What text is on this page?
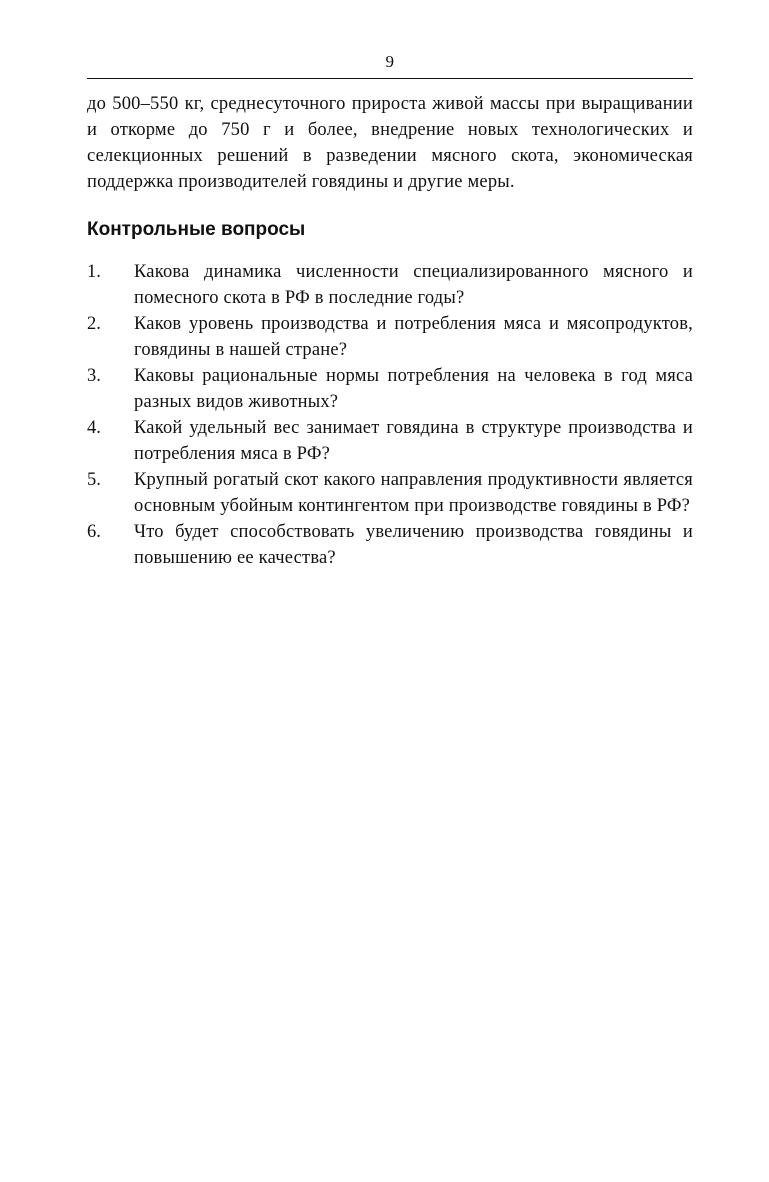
9

до 500–550 кг, среднесуточного прироста живой массы при выращивании и откорме до 750 г и более, внедрение новых технологических и селекционных решений в разведении мясного скота, экономическая поддержка производителей говядины и другие меры.

Контрольные вопросы
1.	Какова динамика численности специализированного мясного и помесного скота в РФ в последние годы?
2.	Каков уровень производства и потребления мяса и мясопродуктов, говядины в нашей стране?
3.	Каковы рациональные нормы потребления на человека в год мяса разных видов животных?
4.	Какой удельный вес занимает говядина в структуре производства и потребления мяса в РФ?
5.	Крупный рогатый скот какого направления продуктивности является основным убойным контингентом при производстве говядины в РФ?
6.	Что будет способствовать увеличению производства говядины и повышению ее качества?
